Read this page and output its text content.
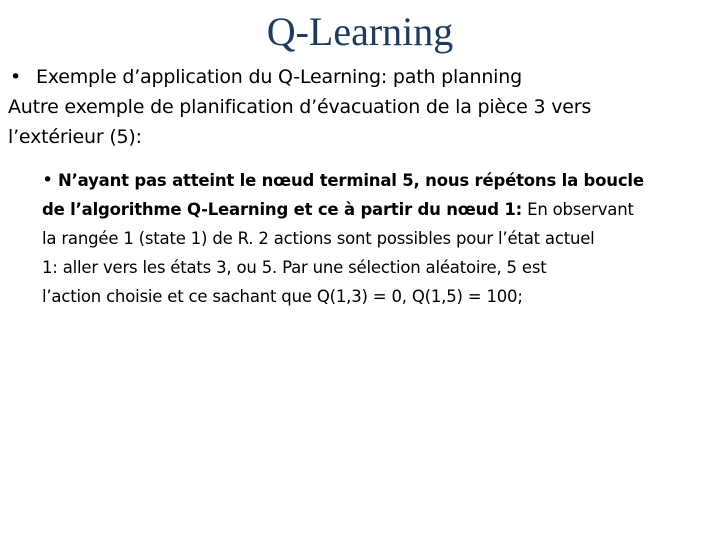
Q-Learning
• Exemple d’application du Q-Learning: path planning
Autre exemple de planification d’évacuation de la pièce 3 vers
l’extérieur (5):
• N’ayant pas atteint le nœud terminal 5, nous répétons la boucle
de l’algorithme Q-Learning et ce à partir du nœud 1: En observant
la rangée 1 (state 1) de R. 2 actions sont possibles pour l’état actuel
1: aller vers les états 3, ou 5. Par une sélection aléatoire, 5 est
l’action choisie et ce sachant que Q(1,3) = 0, Q(1,5) = 100;
